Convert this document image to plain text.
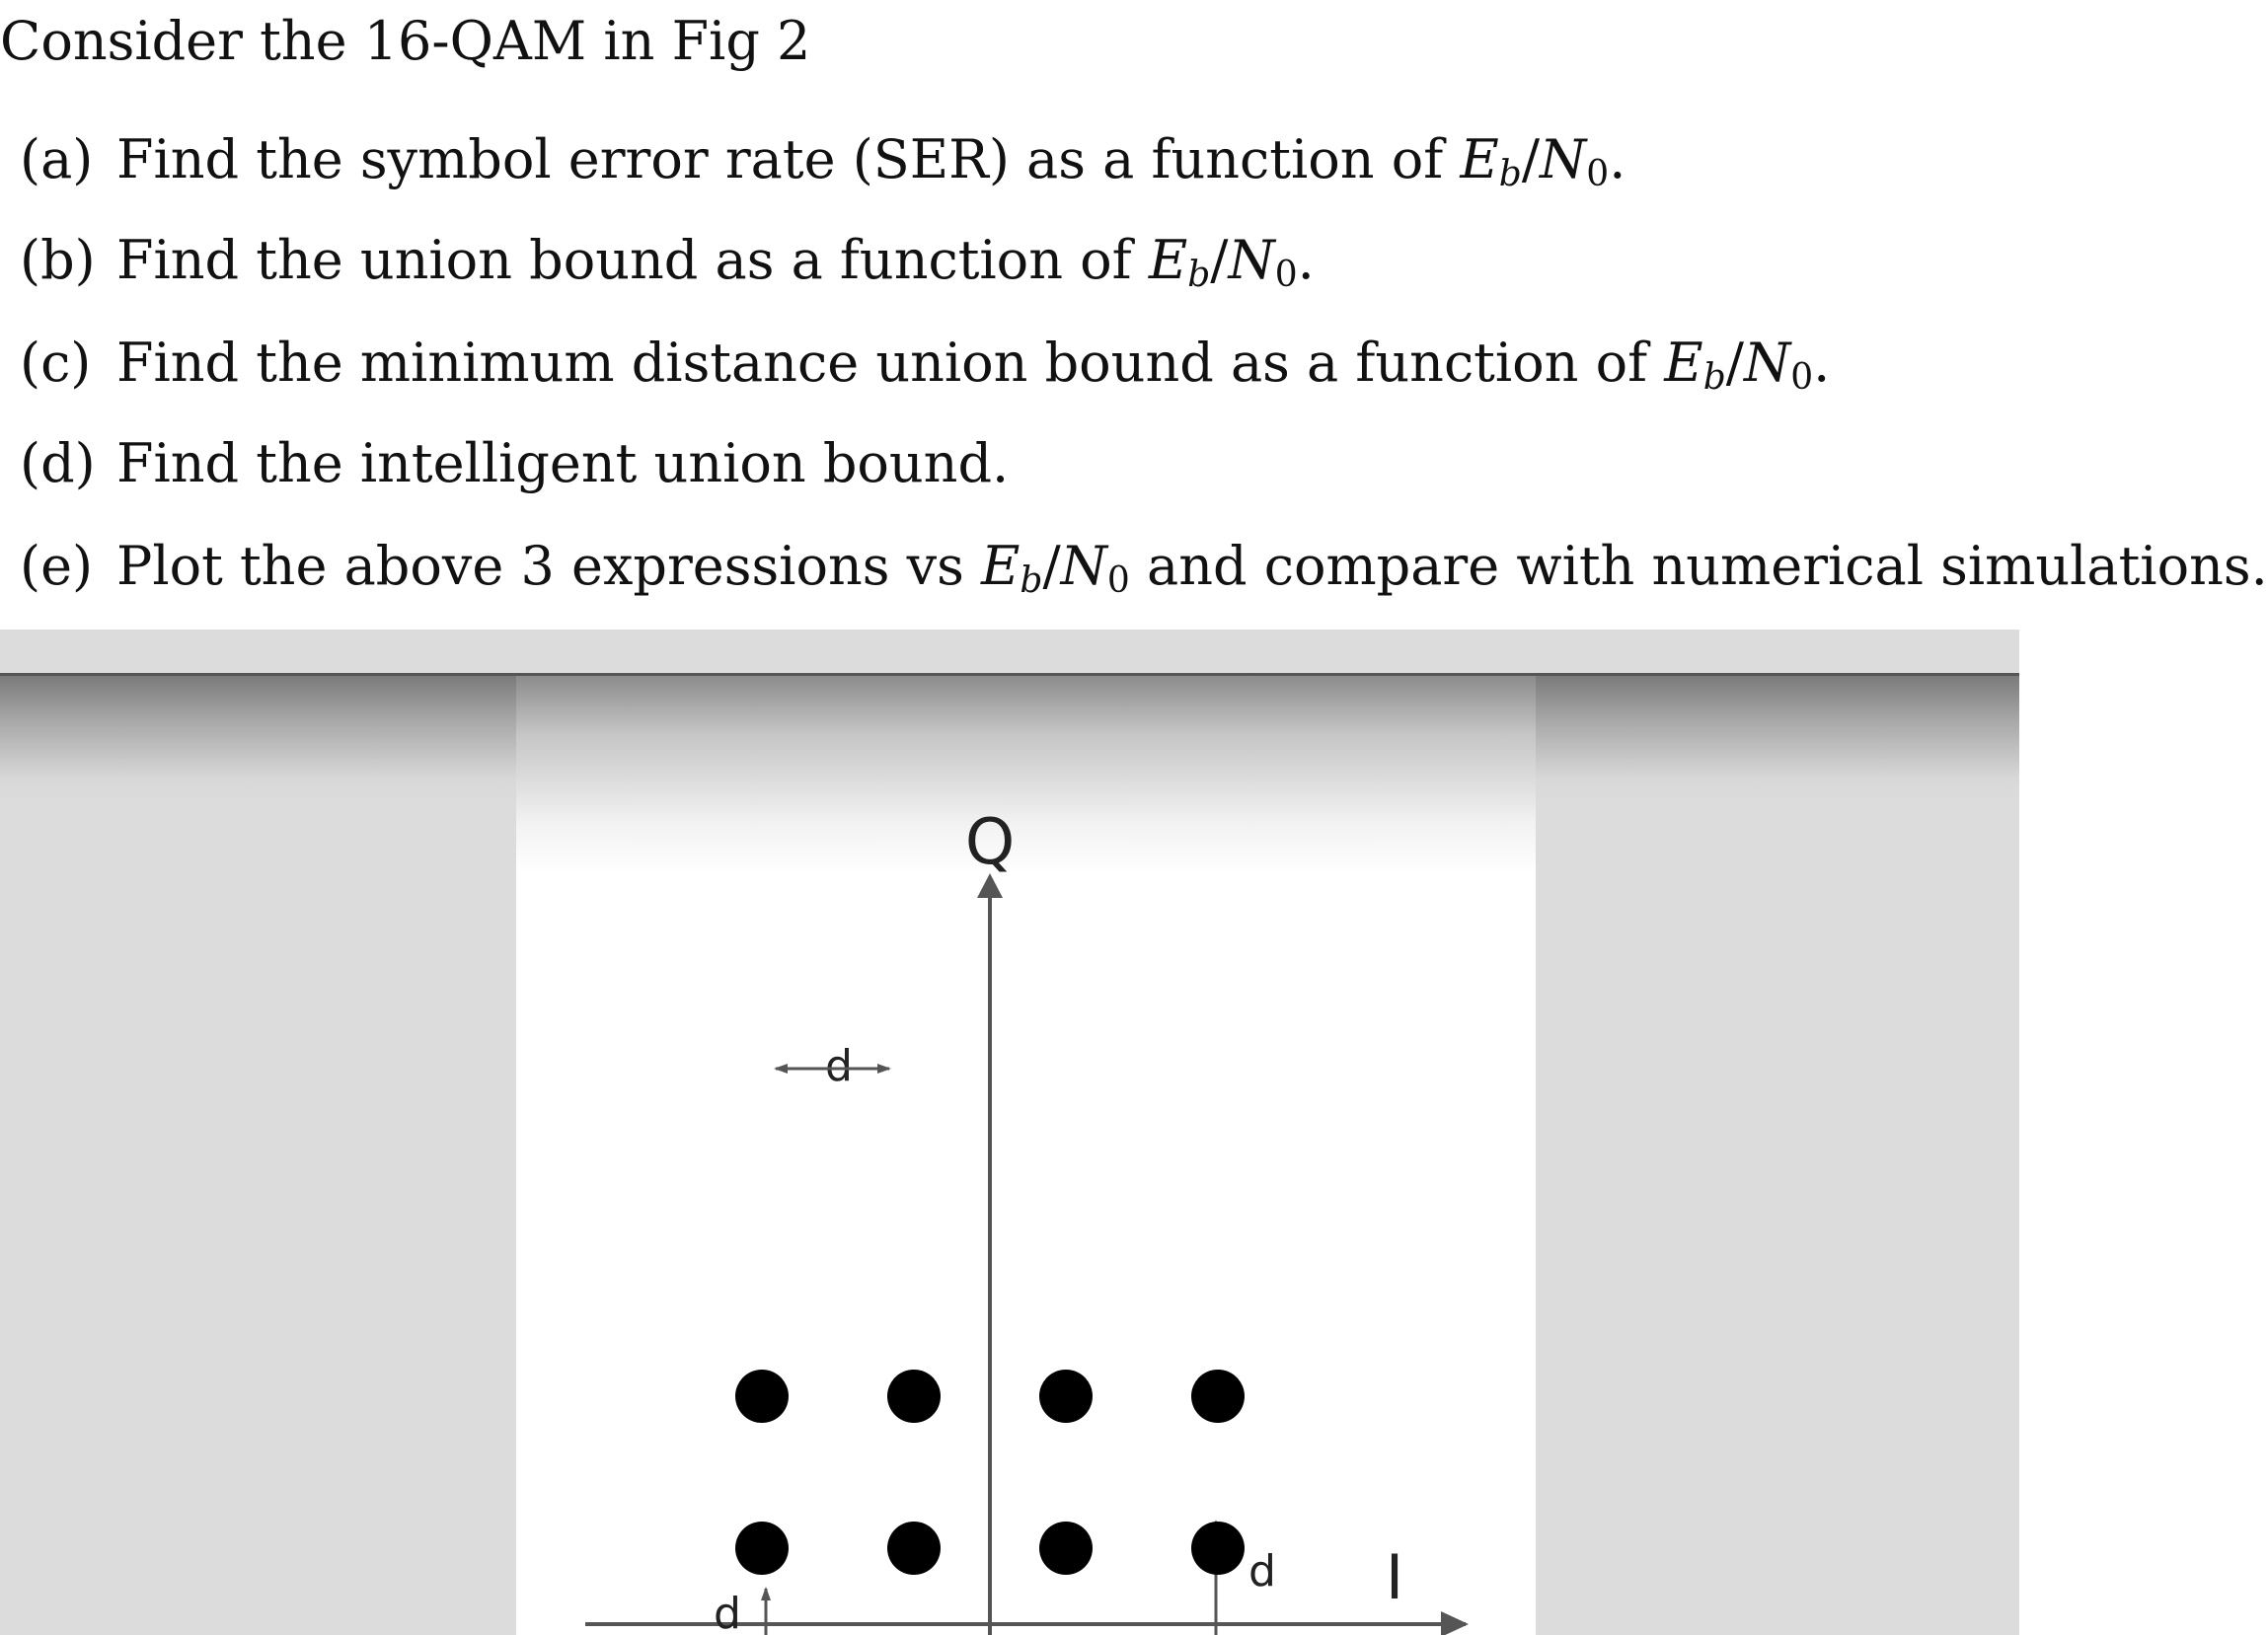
Consider the 16-QAM in Fig 2
(a) Find the symbol error rate (SER) as a function of $E_b/N_0$.
(b) Find the union bound as a function of $E_b/N_0$.
(c) Find the minimum distance union bound as a function of $E_b/N_0$.
(d) Find the intelligent union bound.
(e) Plot the above 3 expressions vs $E_b/N_0$ and compare with numerical simulations.
Q
I
d
d
d
